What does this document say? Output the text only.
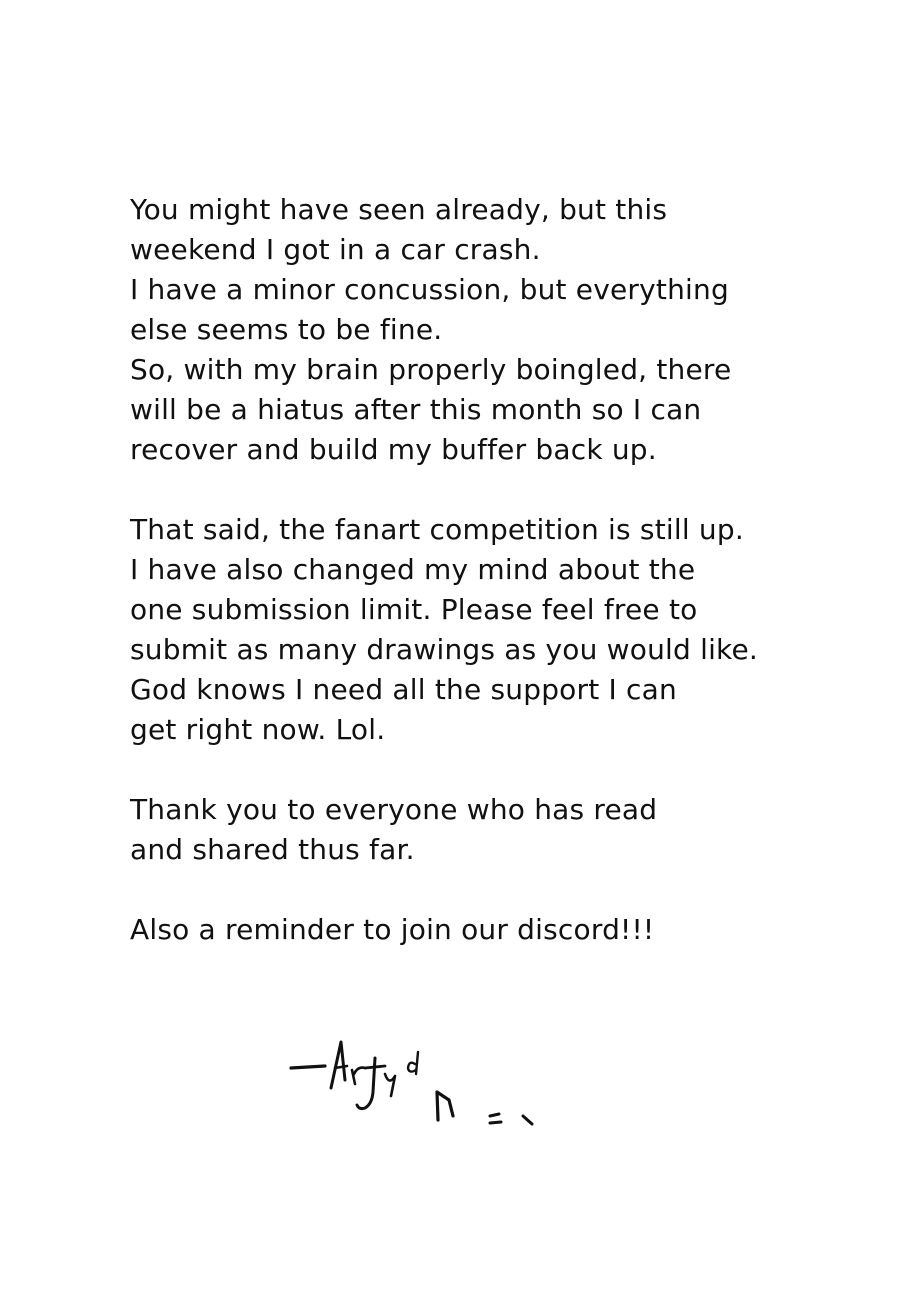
You might have seen already, but this
weekend I got in a car crash.
I have a minor concussion, but everything
else seems to be fine.
So, with my brain properly boingled, there
will be a hiatus after this month so I can
recover and build my buffer back up.
That said, the fanart competition is still up.
I have also changed my mind about the
one submission limit. Please feel free to
submit as many drawings as you would like.
God knows I need all the support I can
get right now. Lol.
Thank you to everyone who has read
and shared thus far.
Also a reminder to join our discord!!!
